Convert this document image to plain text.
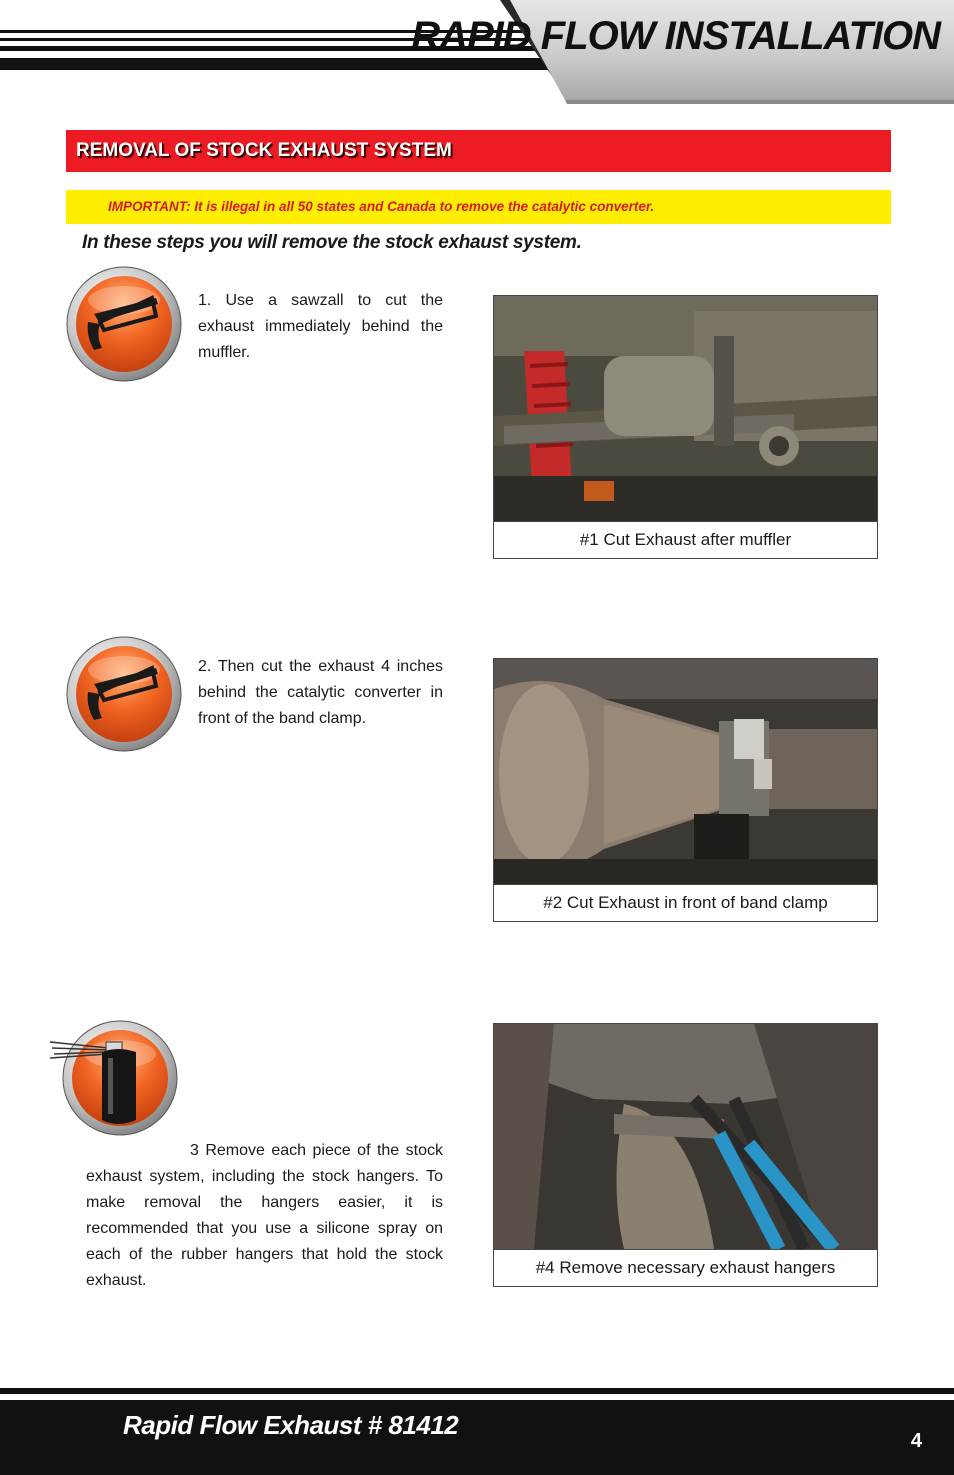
RAPID FLOW INSTALLATION
REMOVAL OF STOCK EXHAUST SYSTEM
IMPORTANT: It is illegal in all 50 states and Canada to remove the catalytic converter.
In these steps you will remove the stock exhaust system.
1. Use a sawzall to cut the exhaust immediately behind the muffler.
#1 Cut Exhaust after muffler
2. Then cut the exhaust 4 inches behind the catalytic converter in front of the band clamp.
#2 Cut Exhaust in front of band clamp
3 Remove each piece of the stock exhaust system, including the stock hangers. To make removal the hangers easier, it is recommended that you use a silicone spray on each of the rubber hangers that hold the stock exhaust.
#4 Remove necessary exhaust hangers
Rapid Flow Exhaust # 81412
4
